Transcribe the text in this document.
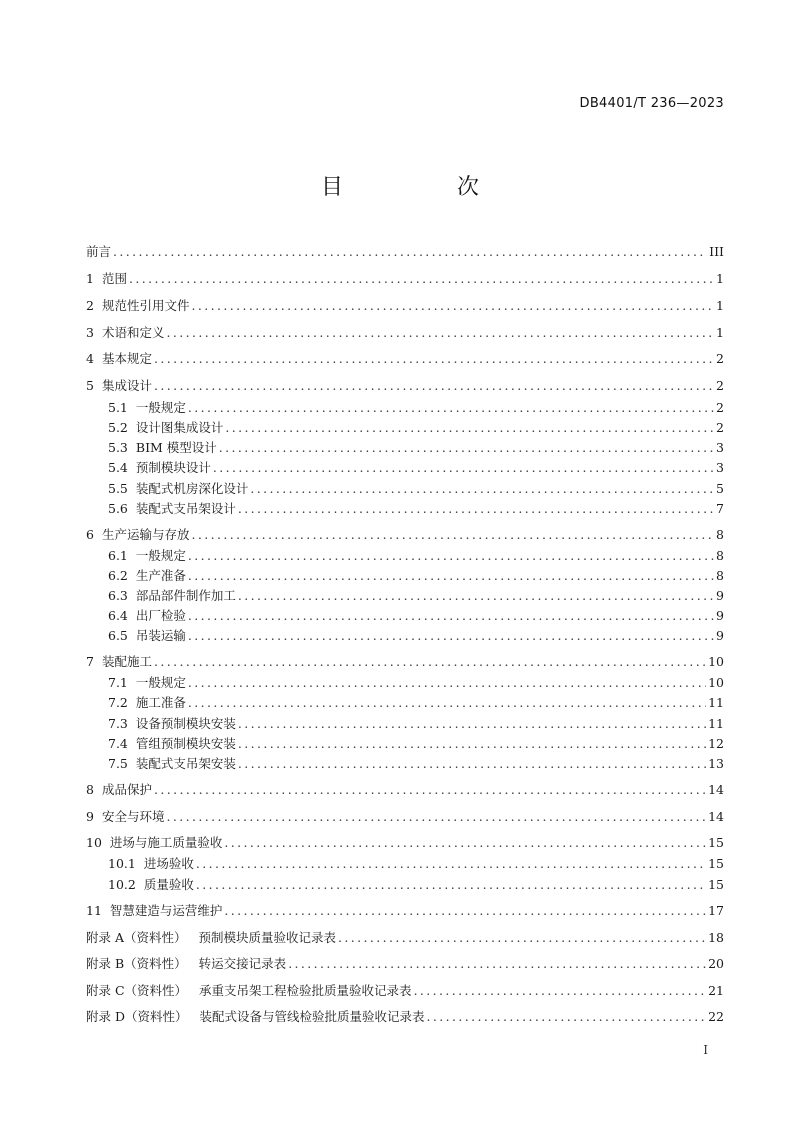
DB4401/T 236—2023
目　次
前言 .....	III
1 范围 .....	1
2 规范性引用文件 .....	1
3 术语和定义 .....	1
4 基本规定 .....	2
5 集成设计 .....	2
5.1 一般规定 .....	2
5.2 设计图集成设计 .....	2
5.3 BIM 模型设计 .....	3
5.4 预制模块设计 .....	3
5.5 装配式机房深化设计 .....	5
5.6 装配式支吊架设计 .....	7
6 生产运输与存放 .....	8
6.1 一般规定 .....	8
6.2 生产准备 .....	8
6.3 部品部件制作加工 .....	9
6.4 出厂检验 .....	9
6.5 吊装运输 .....	9
7 装配施工 .....	10
7.1 一般规定 .....	10
7.2 施工准备 .....	11
7.3 设备预制模块安装 .....	11
7.4 管组预制模块安装 .....	12
7.5 装配式支吊架安装 .....	13
8 成品保护 .....	14
9 安全与环境 .....	14
10 进场与施工质量验收 .....	15
10.1 进场验收 .....	15
10.2 质量验收 .....	15
11 智慧建造与运营维护 .....	17
附录 A（资料性） 预制模块质量验收记录表 .....	18
附录 B（资料性） 转运交接记录表 .....	20
附录 C（资料性） 承重支吊架工程检验批质量验收记录表 .....	21
附录 D（资料性） 装配式设备与管线检验批质量验收记录表 .....	22
I
